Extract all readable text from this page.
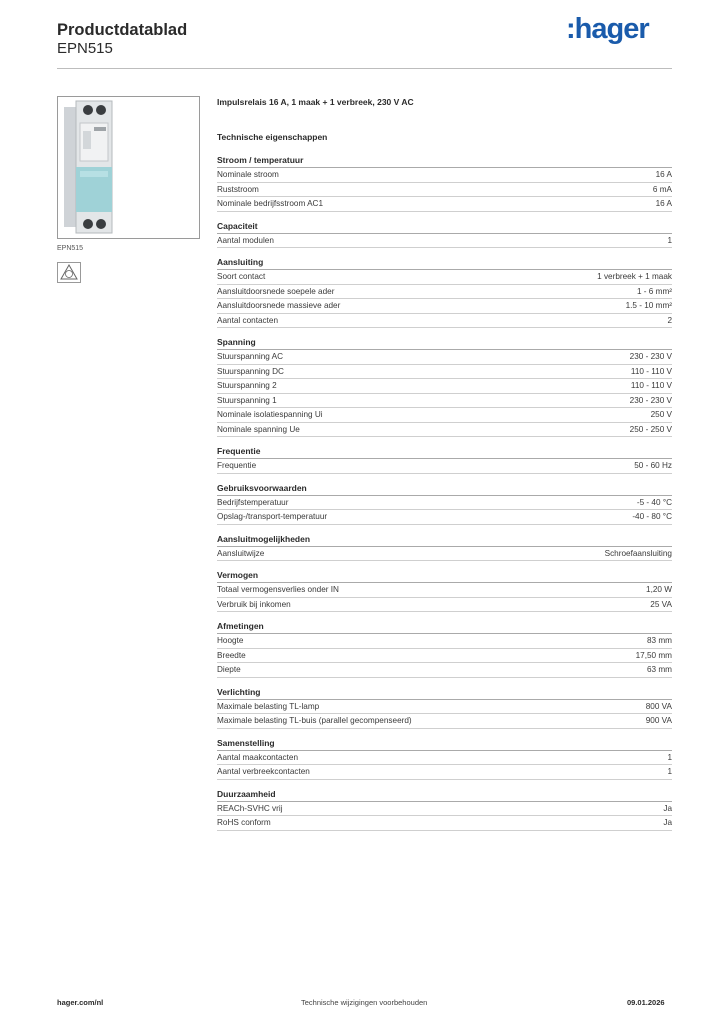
Productdatablad
EPN515
:hager
EPN515
Impulsrelais 16 A, 1 maak + 1 verbreek, 230 V AC
Technische eigenschappen
Stroom / temperatuur
Nominale stroom	16 A
Ruststroom	6 mA
Nominale bedrijfsstroom AC1	16 A
Capaciteit
Aantal modulen	1
Aansluiting
Soort contact	1 verbreek + 1 maak
Aansluitdoorsnede soepele ader	1 - 6 mm²
Aansluitdoorsnede massieve ader	1.5 - 10 mm²
Aantal contacten	2
Spanning
Stuurspanning AC	230 - 230 V
Stuurspanning DC	110 - 110 V
Stuurspanning 2	110 - 110 V
Stuurspanning 1	230 - 230 V
Nominale isolatiespanning Ui	250 V
Nominale spanning Ue	250 - 250 V
Frequentie
Frequentie	50 - 60 Hz
Gebruiksvoorwaarden
Bedrijfstemperatuur	-5 - 40 °C
Opslag-/transport-temperatuur	-40 - 80 °C
Aansluitmogelijkheden
Aansluitwijze	Schroefaansluiting
Vermogen
Totaal vermogensverlies onder IN	1,20 W
Verbruik bij inkomen	25 VA
Afmetingen
Hoogte	83 mm
Breedte	17,50 mm
Diepte	63 mm
Verlichting
Maximale belasting TL-lamp	800 VA
Maximale belasting TL-buis (parallel gecompenseerd)	900 VA
Samenstelling
Aantal maakcontacten	1
Aantal verbreekcontacten	1
Duurzaamheid
REACh-SVHC vrij	Ja
RoHS conform	Ja
hager.com/nl	Technische wijzigingen voorbehouden	09.01.2026
